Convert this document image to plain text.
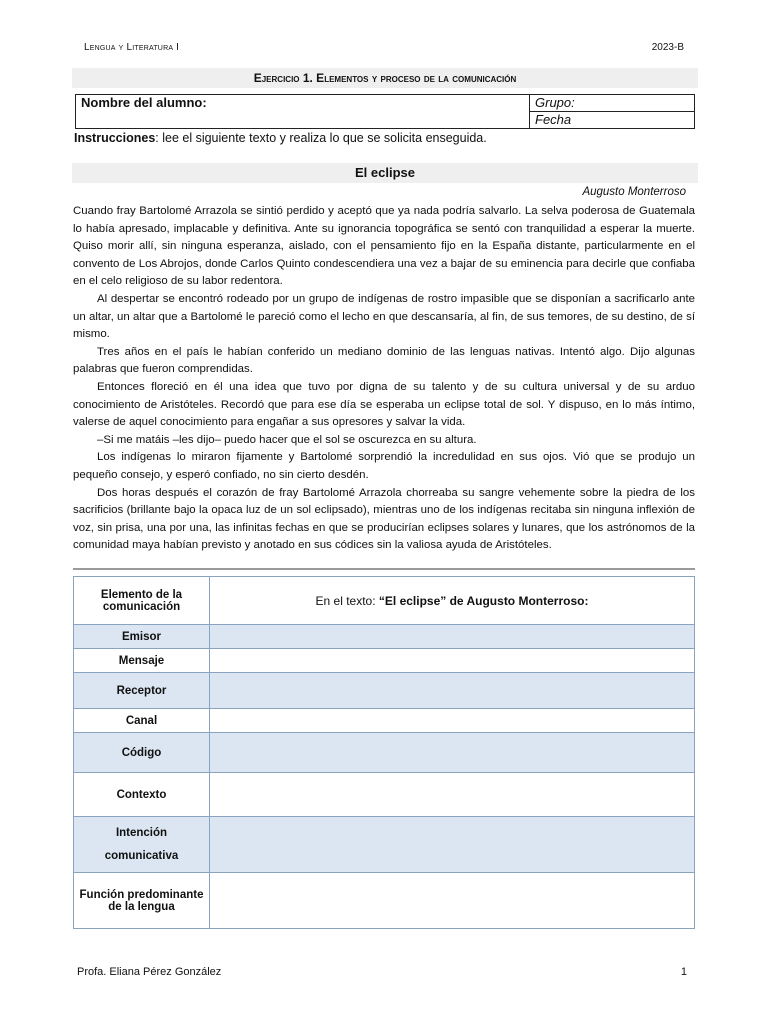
Lengua y Literatura I	2023-B
Ejercicio 1. Elementos y proceso de la comunicación
Nombre del alumno:	Grupo:
Fecha
Instrucciones: lee el siguiente texto y realiza lo que se solicita enseguida.
El eclipse
Augusto Monterroso

Cuando fray Bartolomé Arrazola se sintió perdido y aceptó que ya nada podría salvarlo. La selva poderosa de Guatemala lo había apresado, implacable y definitiva. Ante su ignorancia topográfica se sentó con tranquilidad a esperar la muerte. Quiso morir allí, sin ninguna esperanza, aislado, con el pensamiento fijo en la España distante, particularmente en el convento de Los Abrojos, donde Carlos Quinto condescendiera una vez a bajar de su eminencia para decirle que confiaba en el celo religioso de su labor redentora.

Al despertar se encontró rodeado por un grupo de indígenas de rostro impasible que se disponían a sacrificarlo ante un altar, un altar que a Bartolomé le pareció como el lecho en que descansaría, al fin, de sus temores, de su destino, de sí mismo.

Tres años en el país le habían conferido un mediano dominio de las lenguas nativas. Intentó algo. Dijo algunas palabras que fueron comprendidas.

Entonces floreció en él una idea que tuvo por digna de su talento y de su cultura universal y de su arduo conocimiento de Aristóteles. Recordó que para ese día se esperaba un eclipse total de sol. Y dispuso, en lo más íntimo, valerse de aquel conocimiento para engañar a sus opresores y salvar la vida.

–Si me matáis –les dijo– puedo hacer que el sol se oscurezca en su altura.

Los indígenas lo miraron fijamente y Bartolomé sorprendió la incredulidad en sus ojos. Vió que se produjo un pequeño consejo, y esperó confiado, no sin cierto desdén.

Dos horas después el corazón de fray Bartolomé Arrazola chorreaba su sangre vehemente sobre la piedra de los sacrificios (brillante bajo la opaca luz de un sol eclipsado), mientras uno de los indígenas recitaba sin ninguna inflexión de voz, sin prisa, una por una, las infinitas fechas en que se producirían eclipses solares y lunares, que los astrónomos de la comunidad maya habían previsto y anotado en sus códices sin la valiosa ayuda de Aristóteles.

Elemento de la comunicación	En el texto: “El eclipse” de Augusto Monterroso:
Emisor	
Mensaje	
Receptor	
Canal	
Código	
Contexto	
Intención comunicativa	
Función predominante de la lengua	
Profa. Eliana Pérez González	1
